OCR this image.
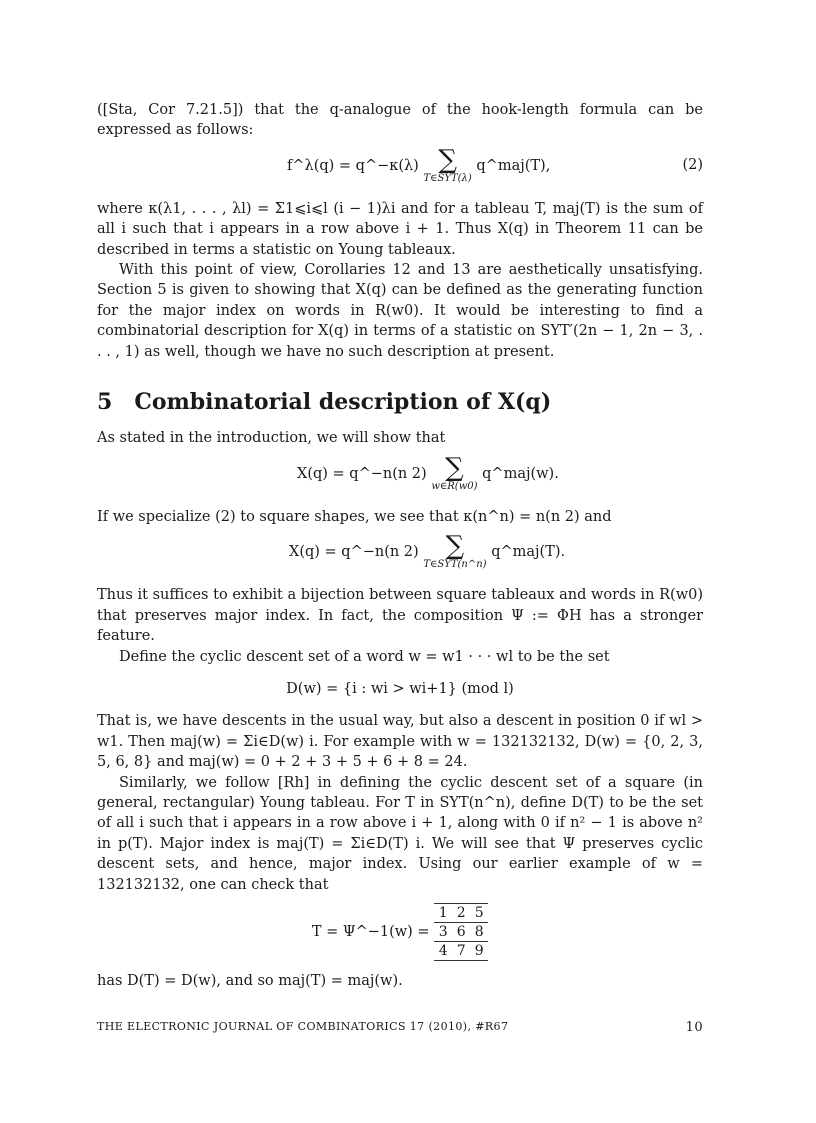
([Sta, Cor 7.21.5]) that the q-analogue of the hook-length formula can be expressed as follows:

f^λ(q) = q^−κ(λ) ∑
T∈SYT(λ)
q^maj(T),	(2)

where κ(λ1, . . . , λl) = Σ1⩽i⩽l (i − 1)λi and for a tableau T, maj(T) is the sum of all i such that i appears in a row above i + 1. Thus X(q) in Theorem 11 can be described in terms a statistic on Young tableaux.

With this point of view, Corollaries 12 and 13 are aesthetically unsatisfying. Section 5 is given to showing that X(q) can be defined as the generating function for the major index on words in R(w0). It would be interesting to find a combinatorial description for X(q) in terms of a statistic on SYT′(2n − 1, 2n − 3, . . . , 1) as well, though we have no such description at present.

5 Combinatorial description of X(q)

As stated in the introduction, we will show that

X(q) = q^−n(n 2) ∑
w∈R(w0)
q^maj(w).

If we specialize (2) to square shapes, we see that κ(n^n) = n(n 2) and

X(q) = q^−n(n 2)	∑
T∈SYT(n^n)
q^maj(T).

Thus it suffices to exhibit a bijection between square tableaux and words in R(w0) that preserves major index. In fact, the composition Ψ := ΦH has a stronger feature.

Define the cyclic descent set of a word w = w1 · · · wl to be the set

D(w) = {i : wi > wi+1} (mod l)

That is, we have descents in the usual way, but also a descent in position 0 if wl > w1. Then maj(w) = Σi∈D(w) i. For example with w = 132132132, D(w) = {0, 2, 3, 5, 6, 8} and maj(w) = 0 + 2 + 3 + 5 + 6 + 8 = 24.

Similarly, we follow [Rh] in defining the cyclic descent set of a square (in general, rectangular) Young tableau. For T in SYT(n^n), define D(T) to be the set of all i such that i appears in a row above i + 1, along with 0 if n² − 1 is above n² in p(T). Major index is maj(T) = Σi∈D(T) i. We will see that Ψ preserves cyclic descent sets, and hence, major index. Using our earlier example of w = 132132132, one can check that

T = Ψ^−1(w) = 1	2	5
3	6	8
4	7	9

has D(T) = D(w), and so maj(T) = maj(w).

THE ELECTRONIC JOURNAL OF COMBINATORICS 17 (2010), #R67	10
